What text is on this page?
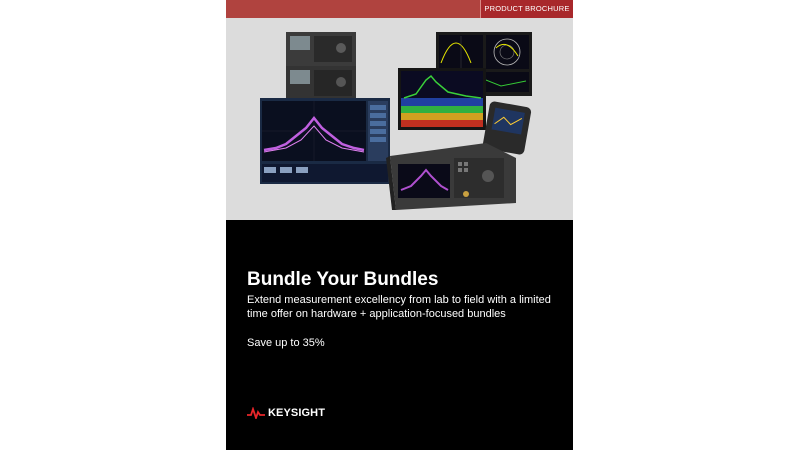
PRODUCT BROCHURE
Bundle Your Bundles

Extend measurement excellency from lab to field with a limited time offer on hardware + application-focused bundles

Save up to 35%

KEYSIGHT
